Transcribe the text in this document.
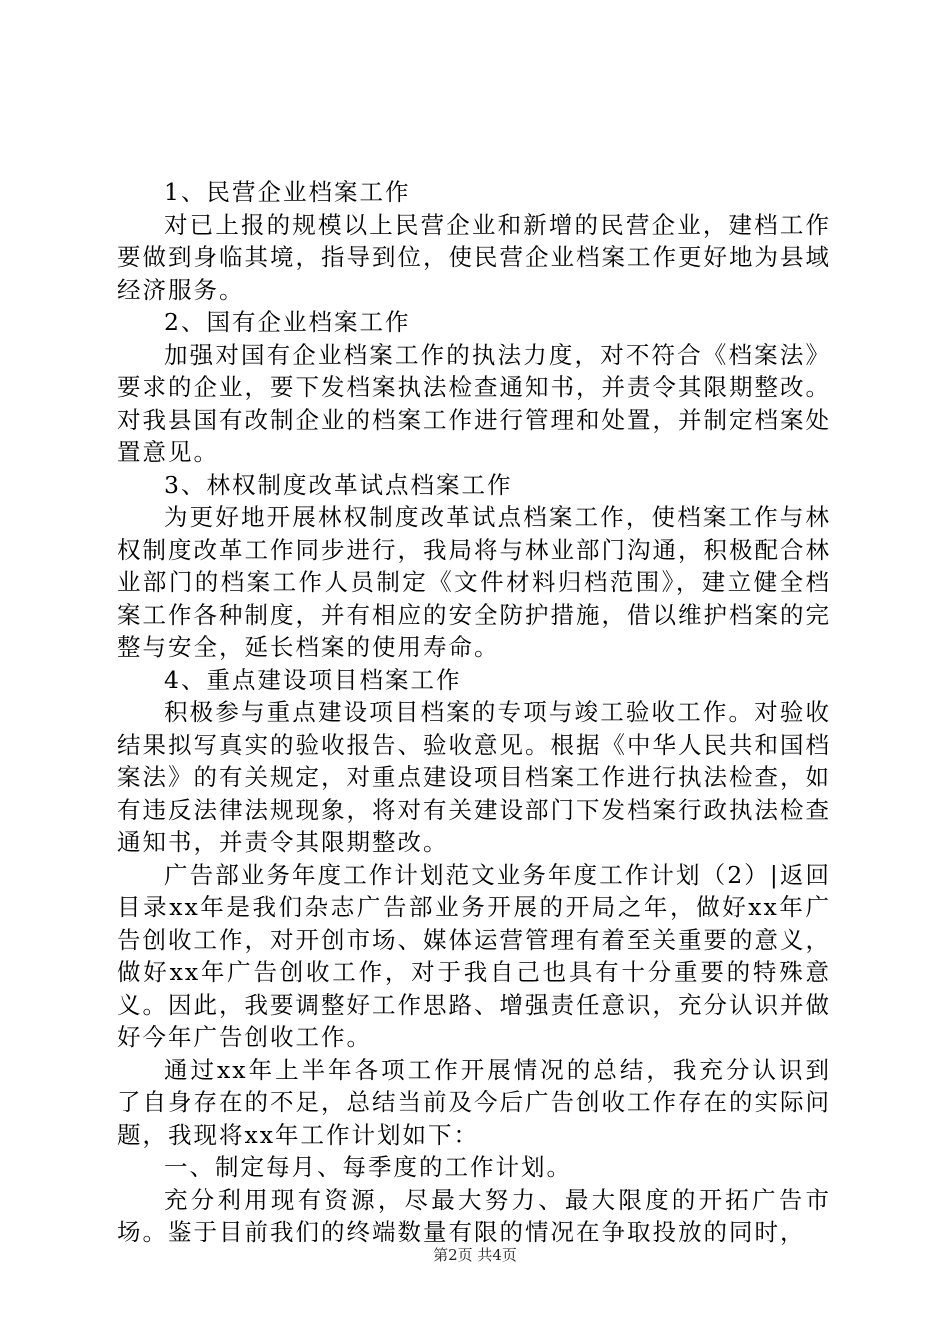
1、民营企业档案工作

对已上报的规模以上民营企业和新增的民营企业，建档工作要做到身临其境，指导到位，使民营企业档案工作更好地为县域经济服务。

2、国有企业档案工作

加强对国有企业档案工作的执法力度，对不符合《档案法》要求的企业，要下发档案执法检查通知书，并责令其限期整改。对我县国有改制企业的档案工作进行管理和处置，并制定档案处置意见。

3、林权制度改革试点档案工作

为更好地开展林权制度改革试点档案工作，使档案工作与林权制度改革工作同步进行，我局将与林业部门沟通，积极配合林业部门的档案工作人员制定《文件材料归档范围》，建立健全档案工作各种制度，并有相应的安全防护措施，借以维护档案的完整与安全，延长档案的使用寿命。

4、重点建设项目档案工作

积极参与重点建设项目档案的专项与竣工验收工作。对验收结果拟写真实的验收报告、验收意见。根据《中华人民共和国档案法》的有关规定，对重点建设项目档案工作进行执法检查，如有违反法律法规现象，将对有关建设部门下发档案行政执法检查通知书，并责令其限期整改。

广告部业务年度工作计划范文业务年度工作计划（2）|返回目录xx年是我们杂志广告部业务开展的开局之年，做好xx年广告创收工作，对开创市场、媒体运营管理有着至关重要的意义，做好xx年广告创收工作，对于我自己也具有十分重要的特殊意义。因此，我要调整好工作思路、增强责任意识，充分认识并做好今年广告创收工作。

通过xx年上半年各项工作开展情况的总结，我充分认识到了自身存在的不足，总结当前及今后广告创收工作存在的实际问题，我现将xx年工作计划如下：

一、制定每月、每季度的工作计划。

充分利用现有资源，尽最大努力、最大限度的开拓广告市场。鉴于目前我们的终端数量有限的情况在争取投放的同时，

第2页 共4页
